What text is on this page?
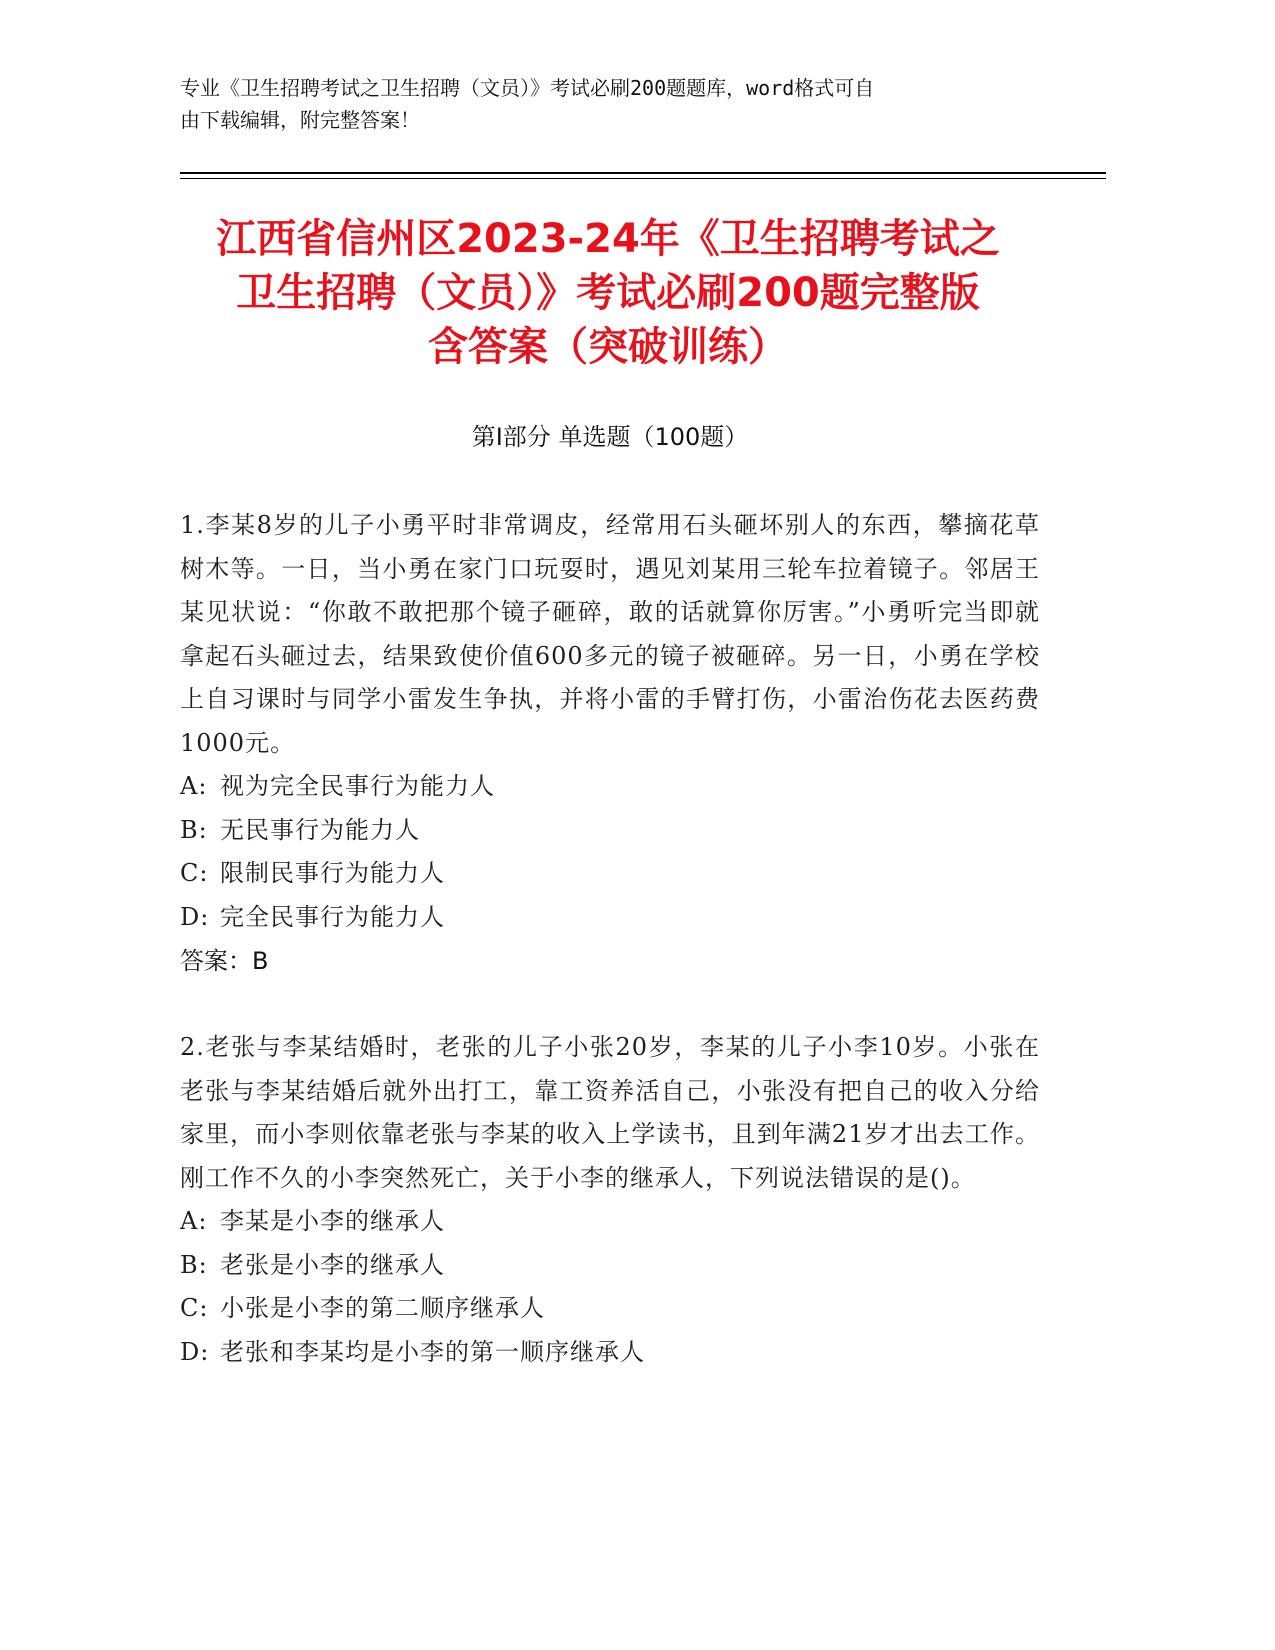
专业《卫生招聘考试之卫生招聘（文员）》考试必刷200题题库，word格式可自
由下载编辑，附完整答案！
江西省信州区2023-24年《卫生招聘考试之
卫生招聘（文员）》考试必刷200题完整版
含答案（突破训练）
第Ⅰ部分 单选题（100题）

1.李某8岁的儿子小勇平时非常调皮，经常用石头砸坏别人的东西，攀摘花草树木等。一日，当小勇在家门口玩耍时，遇见刘某用三轮车拉着镜子。邻居王某见状说：“你敢不敢把那个镜子砸碎，敢的话就算你厉害。”小勇听完当即就拿起石头砸过去，结果致使价值600多元的镜子被砸碎。另一日，小勇在学校上自习课时与同学小雷发生争执，并将小雷的手臂打伤，小雷治伤花去医药费1000元。

A: 视为完全民事行为能力人

B: 无民事行为能力人

C: 限制民事行为能力人

D: 完全民事行为能力人

答案：B

2.老张与李某结婚时，老张的儿子小张20岁，李某的儿子小李10岁。小张在老张与李某结婚后就外出打工，靠工资养活自己，小张没有把自己的收入分给家里，而小李则依靠老张与李某的收入上学读书，且到年满21岁才出去工作。刚工作不久的小李突然死亡，关于小李的继承人，下列说法错误的是()。

A: 李某是小李的继承人

B: 老张是小李的继承人

C: 小张是小李的第二顺序继承人

D: 老张和李某均是小李的第一顺序继承人
